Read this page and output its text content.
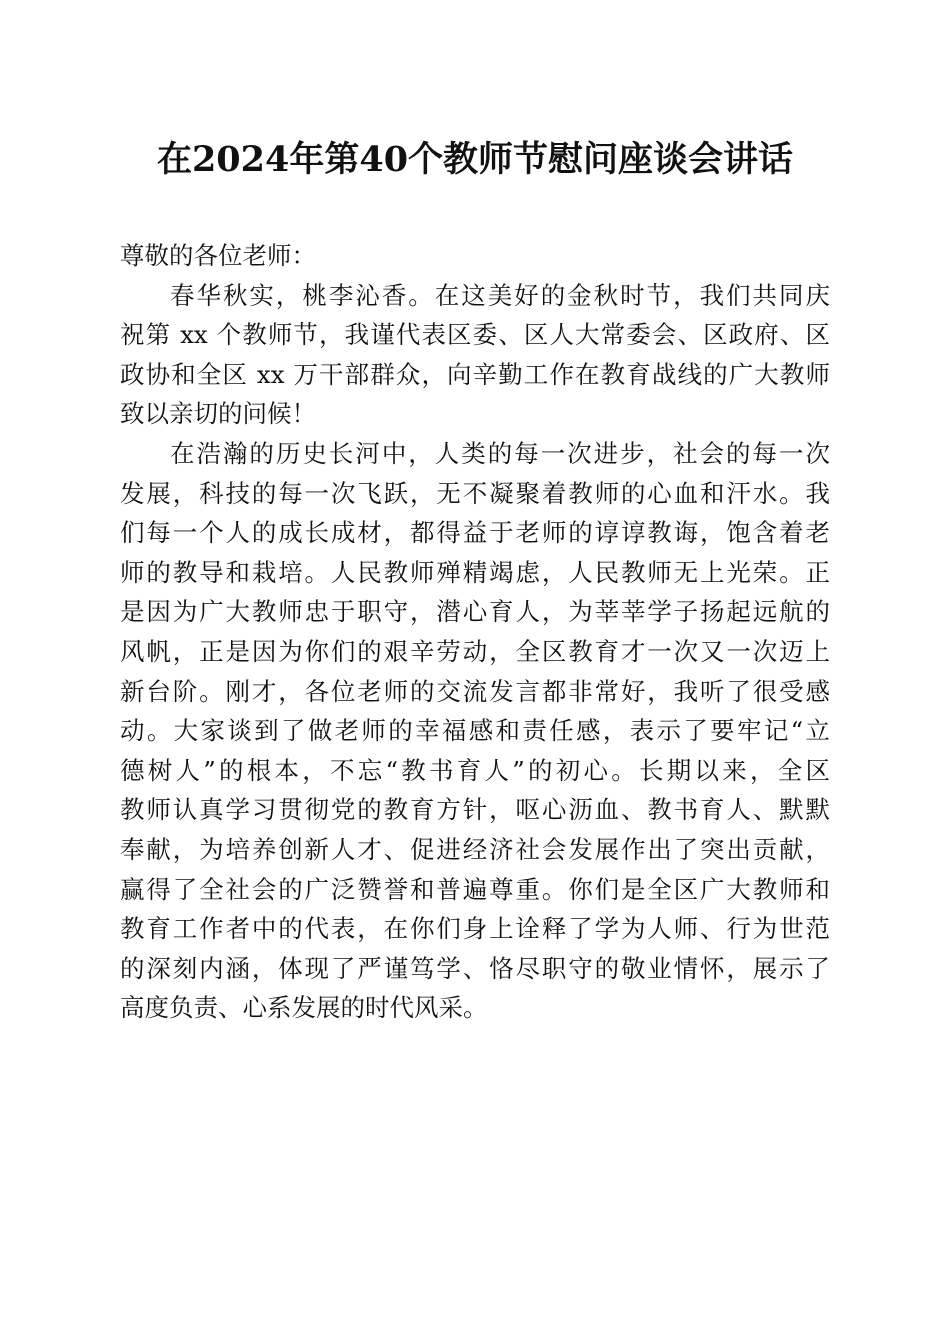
在2024年第40个教师节慰问座谈会讲话
尊敬的各位老师：
春华秋实，桃李沁香。在这美好的金秋时节，我们共同庆
祝第 xx 个教师节，我谨代表区委、区人大常委会、区政府、区
政协和全区 xx 万干部群众，向辛勤工作在教育战线的广大教师
致以亲切的问候！
在浩瀚的历史长河中，人类的每一次进步，社会的每一次
发展，科技的每一次飞跃，无不凝聚着教师的心血和汗水。我
们每一个人的成长成材，都得益于老师的谆谆教诲，饱含着老
师的教导和栽培。人民教师殚精竭虑，人民教师无上光荣。正
是因为广大教师忠于职守，潜心育人，为莘莘学子扬起远航的
风帆，正是因为你们的艰辛劳动，全区教育才一次又一次迈上
新台阶。刚才，各位老师的交流发言都非常好，我听了很受感
动。大家谈到了做老师的幸福感和责任感，表示了要牢记“立
德树人”的根本，不忘“教书育人”的初心。长期以来，全区
教师认真学习贯彻党的教育方针，呕心沥血、教书育人、默默
奉献，为培养创新人才、促进经济社会发展作出了突出贡献，
赢得了全社会的广泛赞誉和普遍尊重。你们是全区广大教师和
教育工作者中的代表，在你们身上诠释了学为人师、行为世范
的深刻内涵，体现了严谨笃学、恪尽职守的敬业情怀，展示了
高度负责、心系发展的时代风采。
